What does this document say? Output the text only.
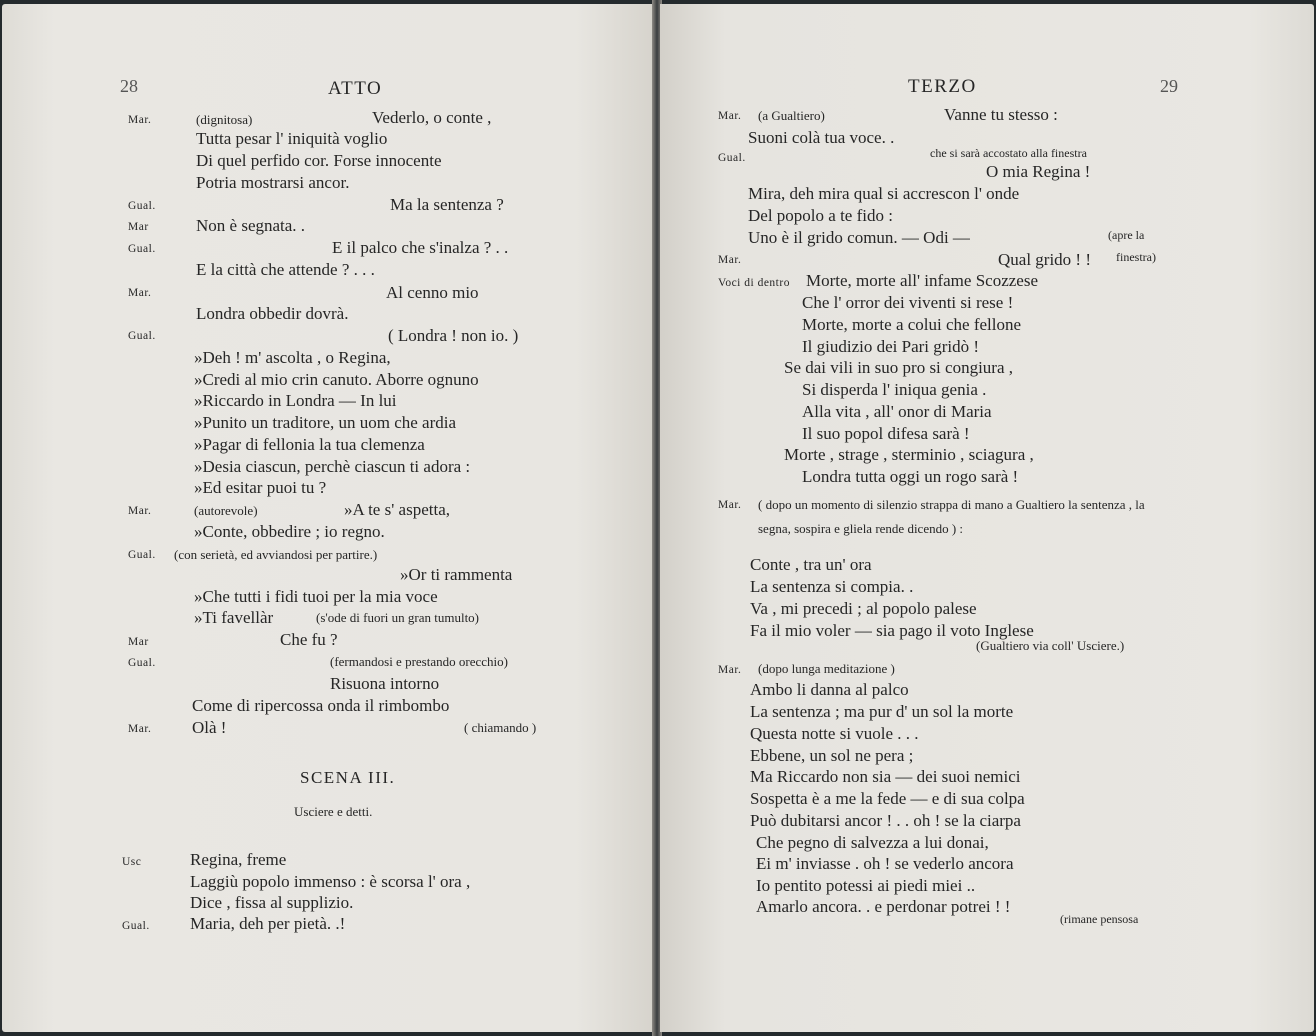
28	ATTO
Mar.	(dignitosa)	Vederlo, o conte ,
Tutta pesar l' iniquità voglio
Di quel perfido cor. Forse innocente
Potria mostrarsi ancor.
Gual.	Ma la sentenza ?
Mar	Non è segnata. .
Gual.	E il palco che s'inalza ? . .
E la città che attende ? . . .
Mar.	Al cenno mio
Londra obbedir dovrà.
Gual.	( Londra ! non io. )
»Deh ! m' ascolta , o Regina,
»Credi al mio crin canuto. Aborre ognuno
»Riccardo in Londra — In lui
»Punito un traditore, un uom che ardia
»Pagar di fellonia la tua clemenza
»Desia ciascun, perchè ciascun ti adora :
»Ed esitar puoi tu ?
Mar.	(autorevole)	»A te s' aspetta,
»Conte, obbedire ; io regno.
Gual. (con serietà, ed avviandosi per partire.)
»Or ti rammenta
»Che tutti i fidi tuoi per la mia voce
»Ti favellàr	(s'ode di fuori un gran tumulto)
Mar	Che fu ?
Gual.	(fermandosi e prestando orecchio)
Risuona intorno
Come di ripercossa onda il rimbombo
Mar. Olà !	( chiamando )
SCENA III.
Usciere e detti.
Usc	Regina, freme
Laggiù popolo immenso : è scorsa l' ora ,
Dice , fissa al supplizio.
Gual. Maria, deh per pietà. .!
TERZO	29
Mar. (a Gualtiero)	Vanne tu stesso :
Suoni colà tua voce. .
Gual.	che si sarà accostato alla finestra
O mia Regina !
Mira, deh mira qual si accrescon l' onde
Del popolo a te fido :
Uno è il grido comun. — Odi —	(apre la
Mar.	Qual grido ! ! finestra)
Voci di dentro Morte, morte all' infame Scozzese
Che l' orror dei viventi si rese !
Morte, morte a colui che fellone
Il giudizio dei Pari gridò !
Se dai vili in suo pro si congiura ,
Si disperda l' iniqua genia .
Alla vita , all' onor di Maria
Il suo popol difesa sarà !
Morte , strage , sterminio , sciagura ,
Londra tutta oggi un rogo sarà !
Mar. ( dopo un momento di silenzio strappa di mano a Gualtiero la sentenza , la segna, sospira e gliela rende dicendo ) :
Conte , tra un' ora
La sentenza si compia. .
Va , mi precedi ; al popolo palese
Fa il mio voler — sia pago il voto Inglese
(Gualtiero via coll' Usciere.)
Mar. (dopo lunga meditazione )
Ambo li danna al palco
La sentenza ; ma pur d' un sol la morte
Questa notte si vuole . . .
Ebbene, un sol ne pera ;
Ma Riccardo non sia — dei suoi nemici
Sospetta è a me la fede — e di sua colpa
Può dubitarsi ancor ! . . oh ! se la ciarpa
Che pegno di salvezza a lui donai,
Ei m' inviasse . oh ! se vederlo ancora
Io pentito potessi ai piedi miei ..
Amarlo ancora. . e perdonar potrei ! !
(rimane pensosa
